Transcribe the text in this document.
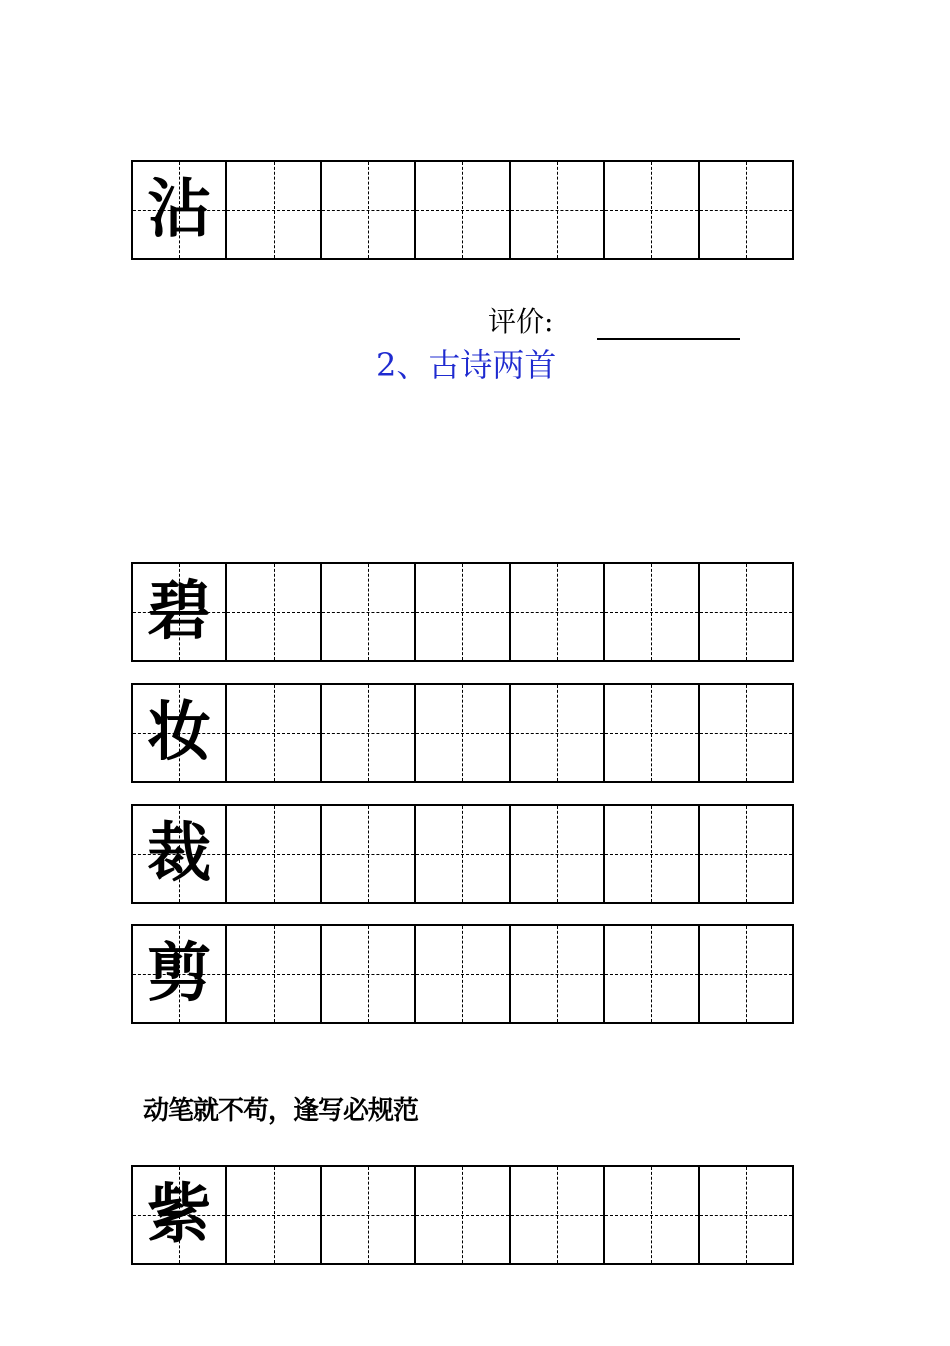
沾
评价:
2、古诗两首
碧
妆
裁
剪
动笔就不苟，逢写必规范
紫
